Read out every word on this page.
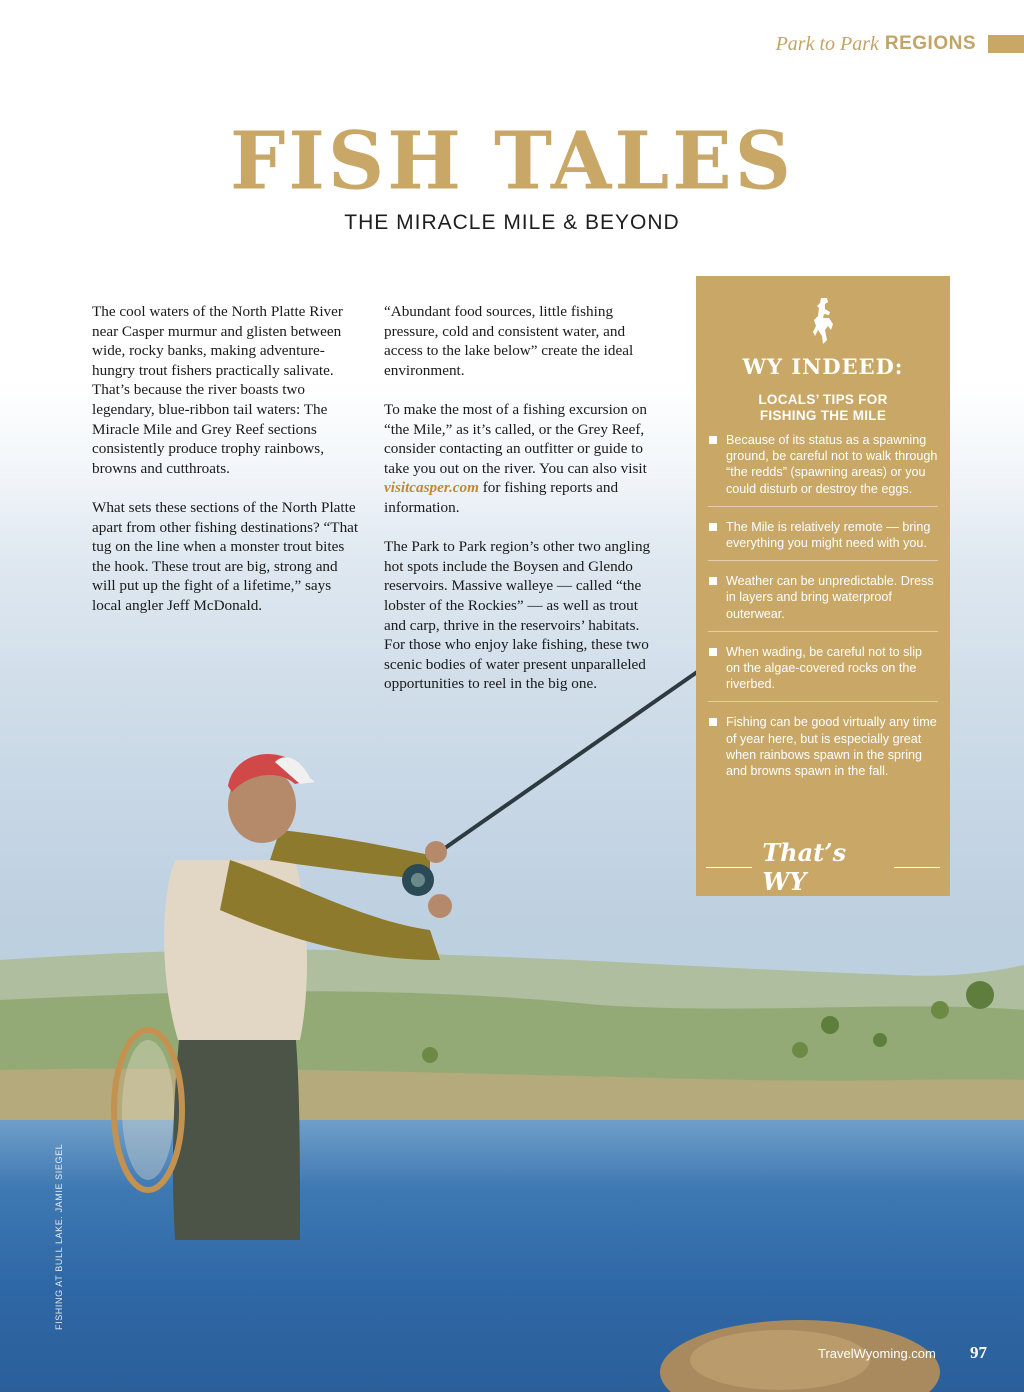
Park to Park REGIONS
FISH TALES
THE MIRACLE MILE & BEYOND

The cool waters of the North Platte River near Casper murmur and glisten between wide, rocky banks, making adventure-hungry trout fishers practically salivate. That’s because the river boasts two legendary, blue-ribbon tail waters: The Miracle Mile and Grey Reef sections consistently produce trophy rainbows, browns and cutthroats.

What sets these sections of the North Platte apart from other fishing destinations? “That tug on the line when a monster trout bites the hook. These trout are big, strong and will put up the fight of a lifetime,” says local angler Jeff McDonald.

“Abundant food sources, little fishing pressure, cold and consistent water, and access to the lake below” create the ideal environment.

To make the most of a fishing excursion on “the Mile,” as it’s called, or the Grey Reef, consider contacting an outfitter or guide to take you out on the river. You can also visit visitcasper.com for fishing reports and information.

The Park to Park region’s other two angling hot spots include the Boysen and Glendo reservoirs. Massive walleye — called “the lobster of the Rockies” — as well as trout and carp, thrive in the reservoirs’ habitats. For those who enjoy lake fishing, these two scenic bodies of water present unparalleled opportunities to reel in the big one.

WY INDEED:
LOCALS’ TIPS FOR
FISHING THE MILE
Because of its status as a spawning ground, be careful not to walk through “the redds” (spawning areas) or you could disturb or destroy the eggs.
The Mile is relatively remote — bring everything you might need with you.
Weather can be unpredictable. Dress in layers and bring waterproof outerwear.
When wading, be careful not to slip on the algae-covered rocks on the riverbed.
Fishing can be good virtually any time of year here, but is especially great when rainbows spawn in the spring and browns spawn in the fall.
That’s WY
FISHING AT BULL LAKE. JAMIE SIEGEL
TravelWyoming.com 97
